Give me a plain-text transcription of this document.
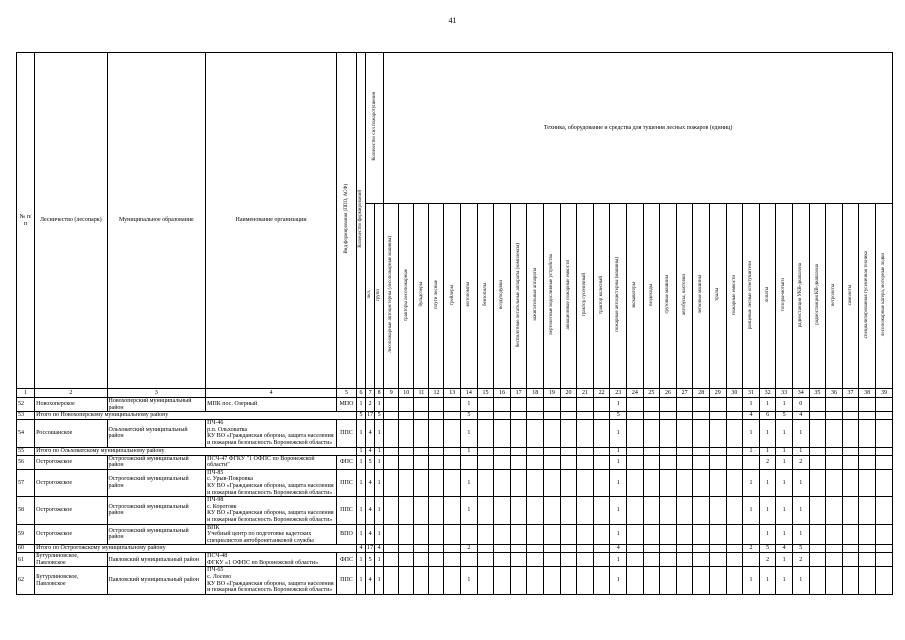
41
№ п/п	Лесничество (лесопарк)	Муниципальное образование	Наименование организации	Вид формирования (ППО, АСФ)	Количество формирований	Количество сил пожаротушения		Техника, оборудование и средства для тушения лесных пожаров (единиц)																														
						чел.	групп	лесопожарные автоцистерны (лесопожарные машины)	тракторы лесопожарные	бульдозеры	плуги лесные	трейлеры	мотопомпы	бензопилы	воздуходувки	беспилотные летательные аппараты (комплексы)	зажигательные аппараты	вертолетные водосливные устройства	авиационные пожарные емкости	трактор гусеничный	трактор колесный	пожарные автоцистерны (машины)	экскаваторы	вездеходы	грузовые машины	автобусы, вахтовки	легковые машины	тралы	пожарные емкости	ранцевые лесные огнетушители	лопаты	топоры-мотыги	радиостанция УКВ-диапазона	радиостанция КВ-диапазона	ветролеты	самолеты	специализированная гусеничная техника	лесопожарные катера, моторные лодки

1	2	3	4	5	6	7	8	9	10	11	12	13	14	15	16	17	18	19	20	21	22	23	24	25	26	27	28	29	30	31	32	33	34	35	36	37	38	39
52	Новохоперское	Новохоперский муниципальный район	МПК пос. Озерный	МПО	1	2	1						1									1								1	1	1	0					
53	Итого по Новохоперскому муниципальному району				5	17	5						5									5								4	6	5	4					
54	Россошанское	Ольховатский муниципальный район	ПЧ-46
р.п. Ольховатка
КУ ВО «Гражданская оборона, защита населения и пожарная безопасность Воронежской области»	ППС	1	4	1						1									1								1	1	1	1					
55	Итого по Ольховатскому муниципальному району				1	4	1						1									1								1	1	1	1					
56	Острогожское	Острогожский муниципальный район	ПСЧ-47 ФГКУ "1 ОФПС по Воронежской области"	ФПС	1	5	1															1									2	1	2					
57	Острогожское	Острогожский муниципальный район	ПЧ-85
с. Урыв-Покровка
КУ ВО «Гражданская оборона, защита населения и пожарная безопасность Воронежской области»	ППС	1	4	1						1									1								1	1	1	1					
58	Острогожское	Острогожский муниципальный район	ПЧ-98
с. Коротояк
КУ ВО «Гражданская оборона, защита населения и пожарная безопасность Воронежской области»	ППС	1	4	1						1									1								1	1	1	1					
59	Острогожское	Острогожский муниципальный район	ВПК
Учебный центр по подготовке кадетских специалистов автобронетанковой службы	ВПО	1	4	1															1									1	1	1					
60	Итого по Острогожскому муниципальному району				4	17	4						2									4								2	5	4	5					
61	Бутурлиновское, Павловское	Павловский муниципальный район	ПСЧ-48
ФГКУ «1 ОФПС по Воронежской области»	ФПС	1	5	1															1									2	1	2					
62	Бутурлиновское, Павловское	Павловский муниципальный район	ПЧ-65
с. Лосево
КУ ВО «Гражданская оборона, защита населения и пожарная безопасность Воронежской области»	ППС	1	4	1						1									1								1	1	1	1					
